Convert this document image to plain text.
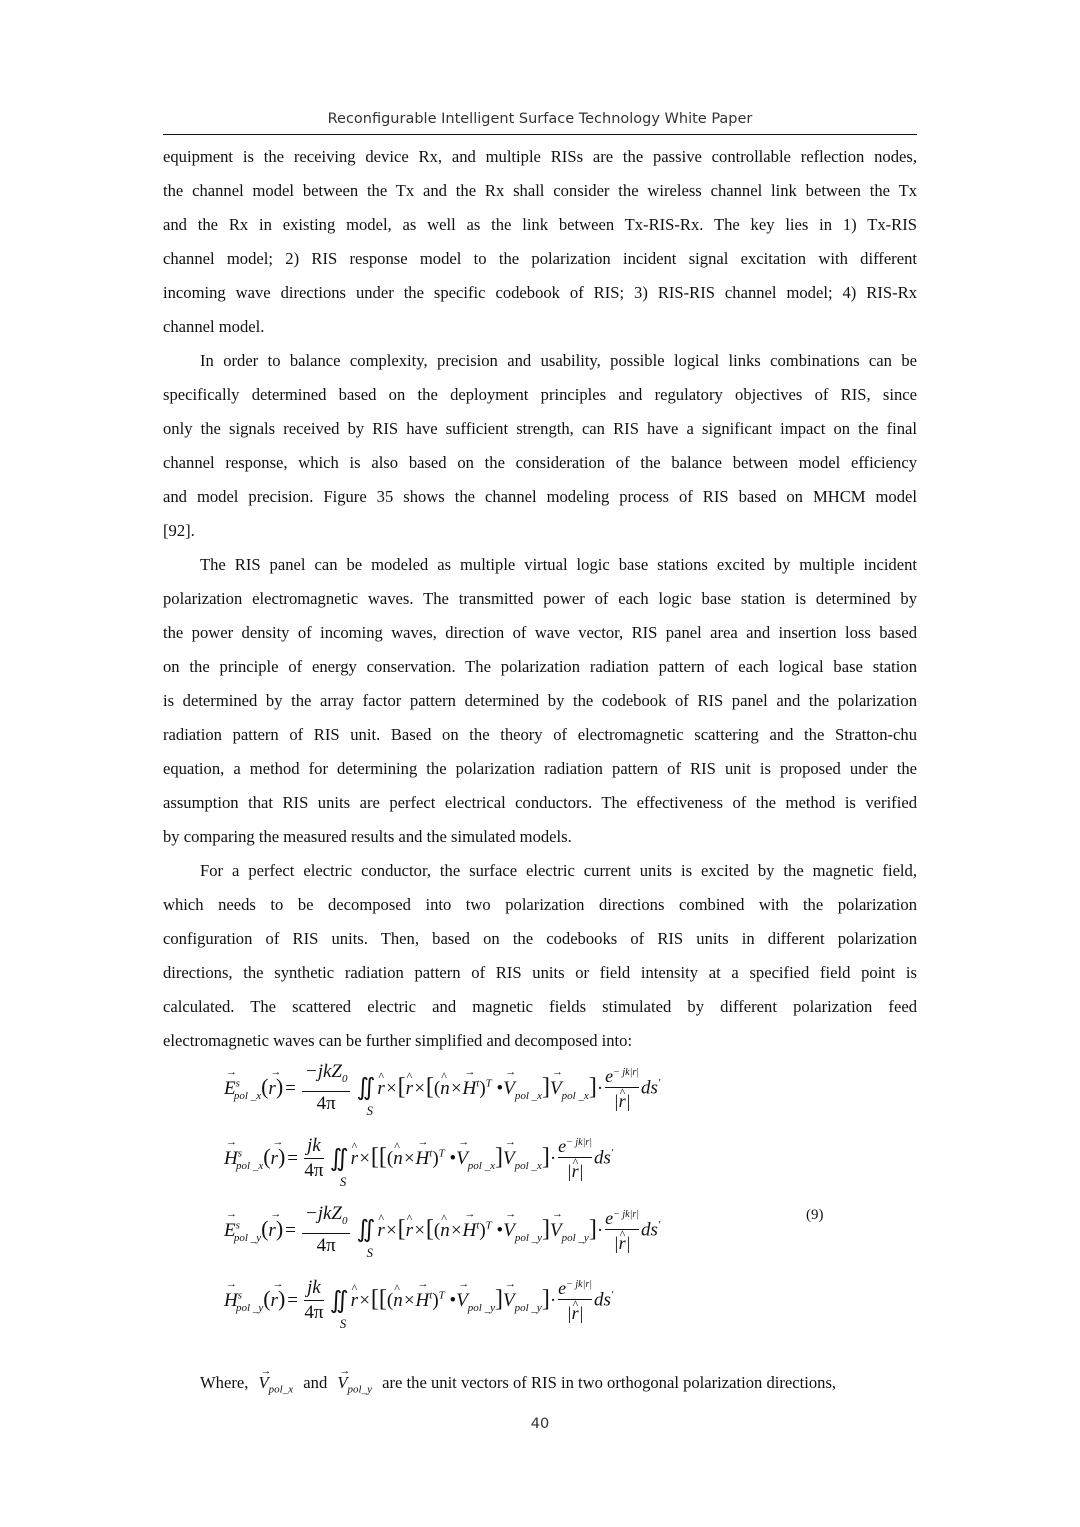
Reconfigurable Intelligent Surface Technology White Paper
equipment is the receiving device Rx, and multiple RISs are the passive controllable reflection nodes,
the channel model between the Tx and the Rx shall consider the wireless channel link between the Tx
and the Rx in existing model, as well as the link between Tx-RIS-Rx. The key lies in 1) Tx-RIS
channel model; 2) RIS response model to the polarization incident signal excitation with different
incoming wave directions under the specific codebook of RIS; 3) RIS-RIS channel model; 4) RIS-Rx
channel model.
In order to balance complexity, precision and usability, possible logical links combinations can be
specifically determined based on the deployment principles and regulatory objectives of RIS, since
only the signals received by RIS have sufficient strength, can RIS have a significant impact on the final
channel response, which is also based on the consideration of the balance between model efficiency
and model precision. Figure 35 shows the channel modeling process of RIS based on MHCM model
[92].
The RIS panel can be modeled as multiple virtual logic base stations excited by multiple incident
polarization electromagnetic waves. The transmitted power of each logic base station is determined by
the power density of incoming waves, direction of wave vector, RIS panel area and insertion loss based
on the principle of energy conservation. The polarization radiation pattern of each logical base station
is determined by the array factor pattern determined by the codebook of RIS panel and the polarization
radiation pattern of RIS unit. Based on the theory of electromagnetic scattering and the Stratton-chu
equation, a method for determining the polarization radiation pattern of RIS unit is proposed under the
assumption that RIS units are perfect electrical conductors. The effectiveness of the method is verified
by comparing the measured results and the simulated models.
For a perfect electric conductor, the surface electric current units is excited by the magnetic field,
which needs to be decomposed into two polarization directions combined with the polarization
configuration of RIS units. Then, based on the codebooks of RIS units in different polarization
directions, the synthetic radiation pattern of RIS units or field intensity at a specified field point is
calculated. The scattered electric and magnetic fields stimulated by different polarization feed
electromagnetic waves can be further simplified and decomposed into:
→ $E^s_{pol \_x}(\to r) = \frac{-jkZ_0}{4\pi}$ ∬
S
^ r×[^ r×[(^ $n\times\to H^t)^T$ •→ $V_{pol \_x}]\to V_{pol \_x}]\cdot \frac{e^{- jk|r|}}{|\^{} r|} ds'$
→ $H^s_{pol \_x}(\to r) = \frac{jk}{4\pi}$ ∬
S
^ r×[[(^ $n\times\to H^t)^T$ •→ $V_{pol \_x}]\to V_{pol \_x}]\cdot \frac{e^{- jk|r|}}{|\^{} r|} ds'$
→ $E^s_{pol \_y}(\to r) = \frac{-jkZ_0}{4\pi}$ ∬
S
^ r×[^ r×[(^ $n\times\to H^t)^T$ •→ $V_{pol \_y}]\to V_{pol \_y}]\cdot \frac{e^{- jk|r|}}{|\^{} r|} ds'$
→ $H^s_{pol \_y}(\to r) = \frac{jk}{4\pi}$ ∬
S
^ r×[[(^ $n\times\to H^t)^T$ •→ $V_{pol \_y}]\to V_{pol \_y}]\cdot \frac{e^{- jk|r|}}{|\^{} r|} ds'$
(9)
Where, → $V_{pol\_x}$ and → $V_{pol\_y}$ are the unit vectors of RIS in two orthogonal polarization directions,
40
